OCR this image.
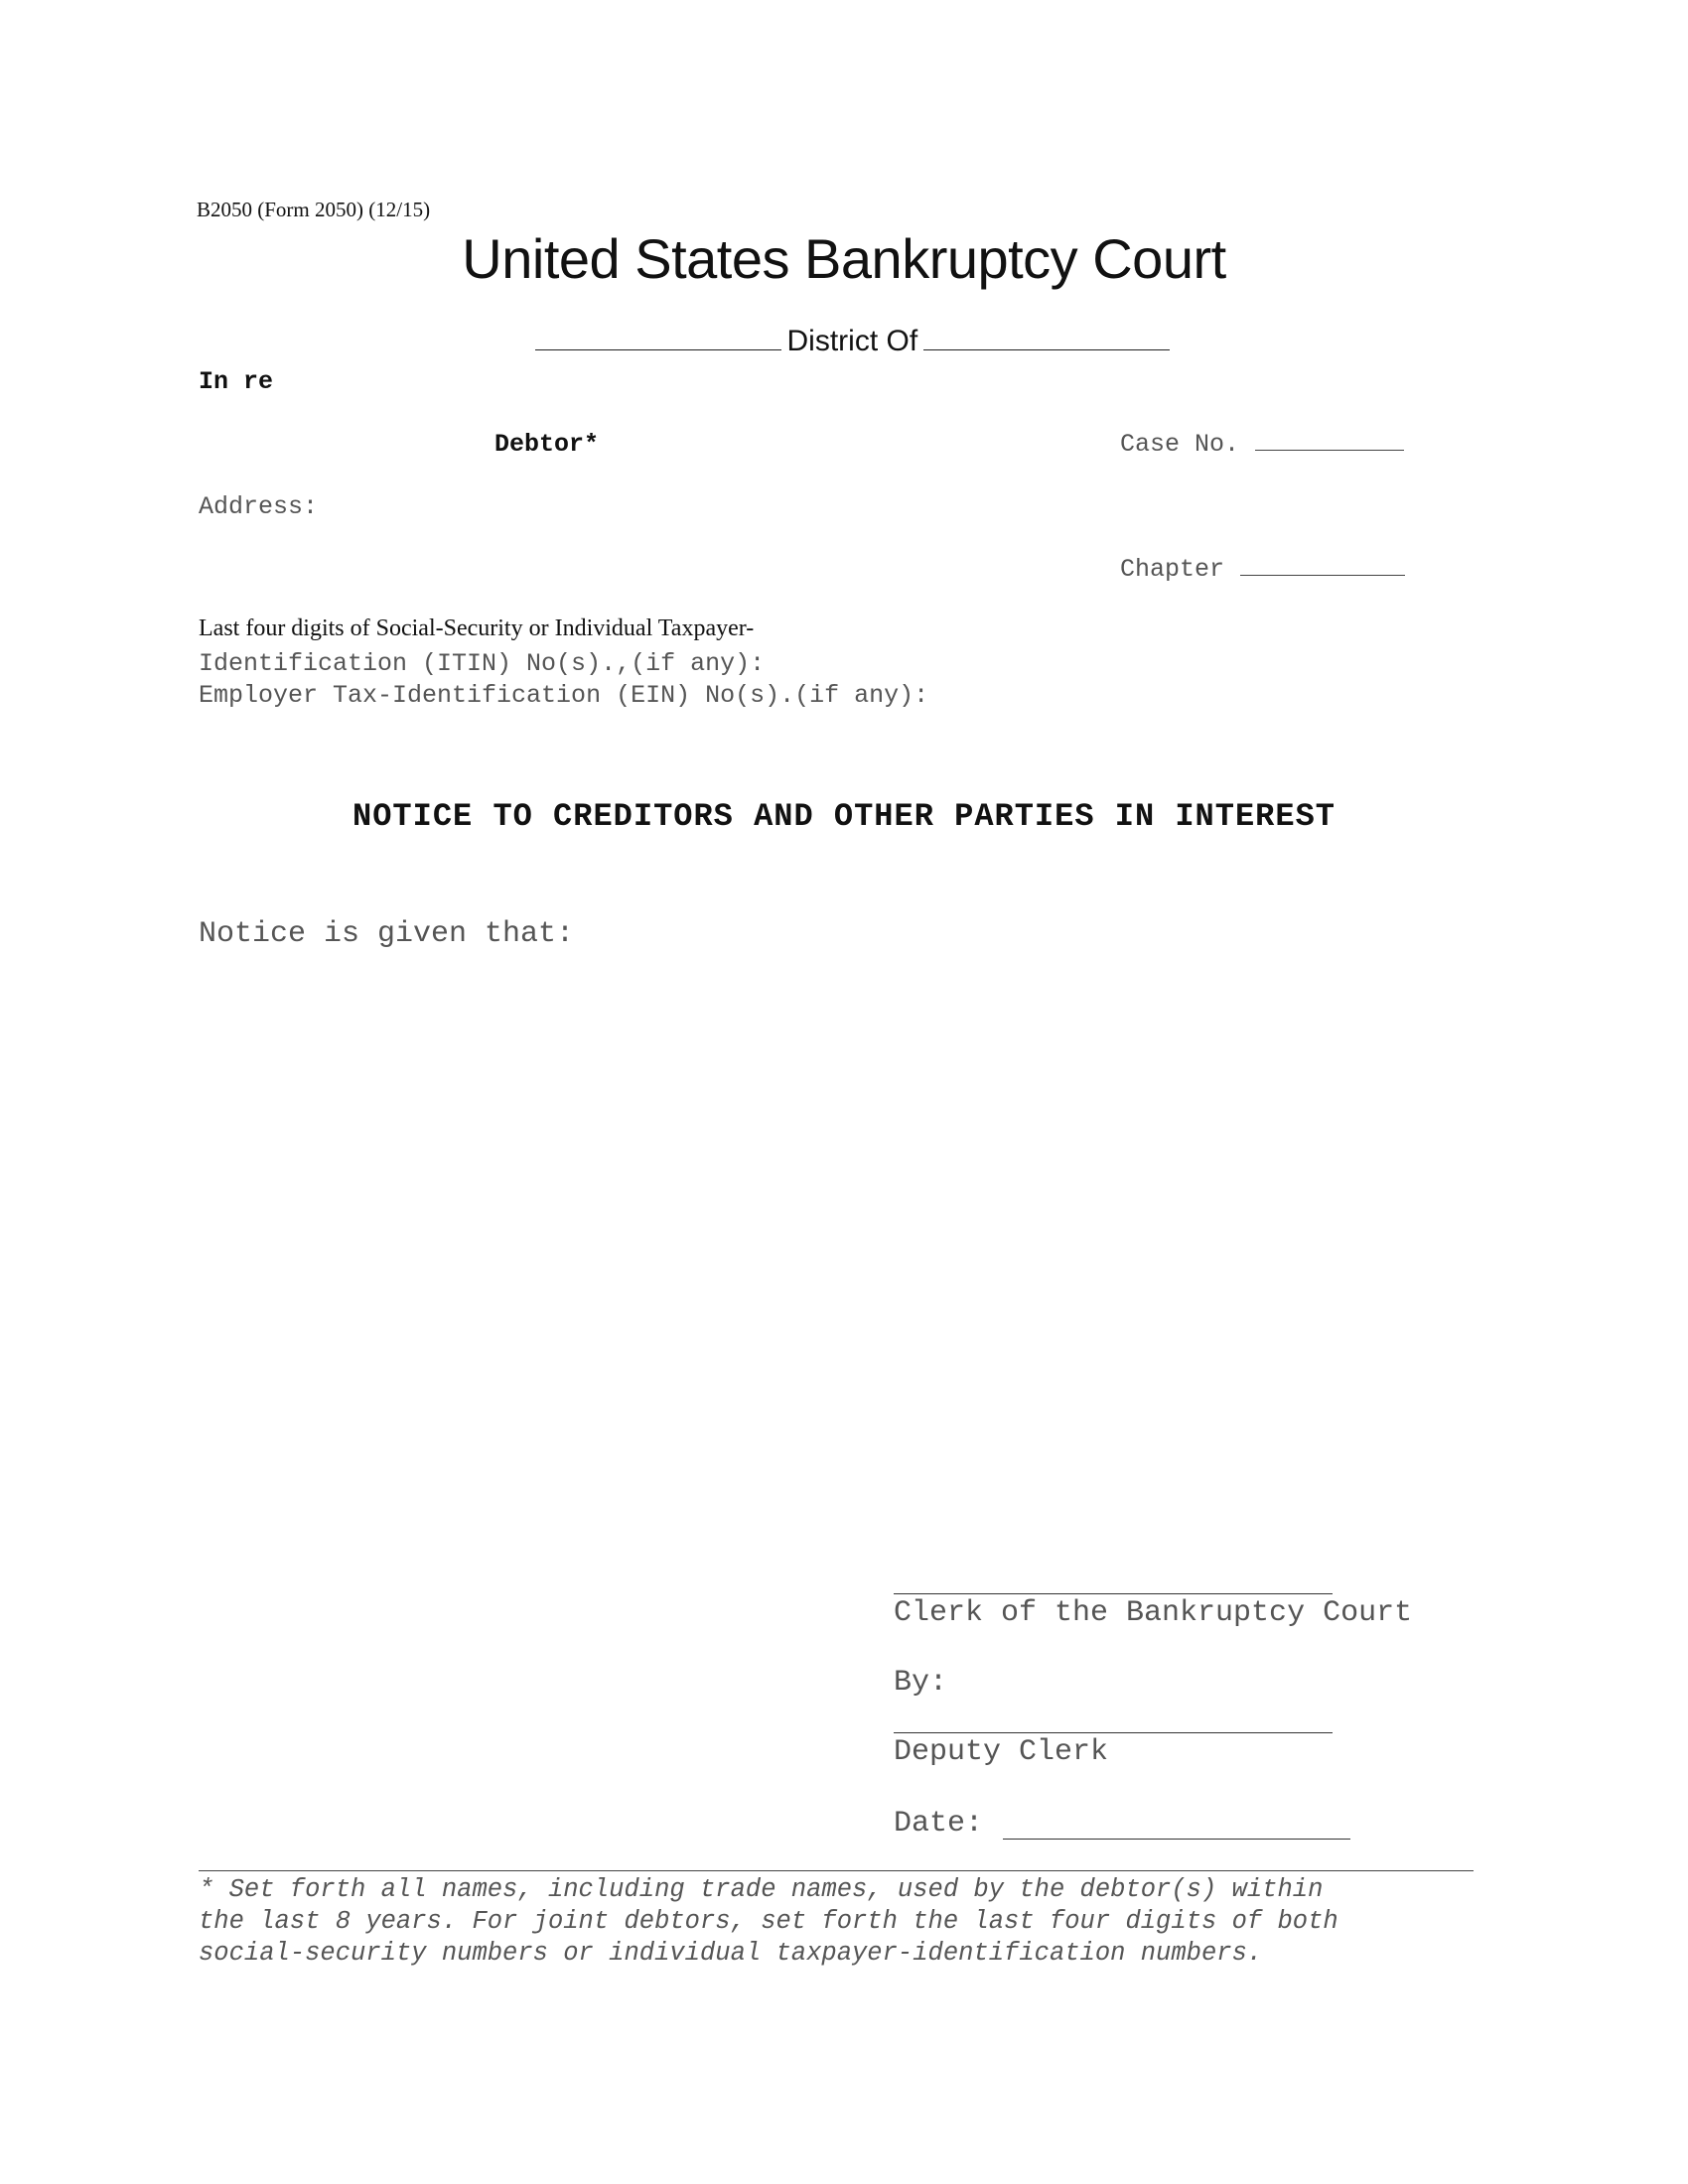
B2050 (Form 2050) (12/15)
United States Bankruptcy Court

District Of

In re
Debtor*
Address:

Case No.

Chapter

Last four digits of Social-Security or Individual Taxpayer-
Identification (ITIN) No(s).,(if any):
Employer Tax-Identification (EIN) No(s).(if any):
NOTICE TO CREDITORS AND OTHER PARTIES IN INTEREST
Notice is given that:
Clerk of the Bankruptcy Court
By:
Deputy Clerk
Date:
* Set forth all names, including trade names, used by the debtor(s) within
the last 8 years. For joint debtors, set forth the last four digits of both
social-security numbers or individual taxpayer-identification numbers.
